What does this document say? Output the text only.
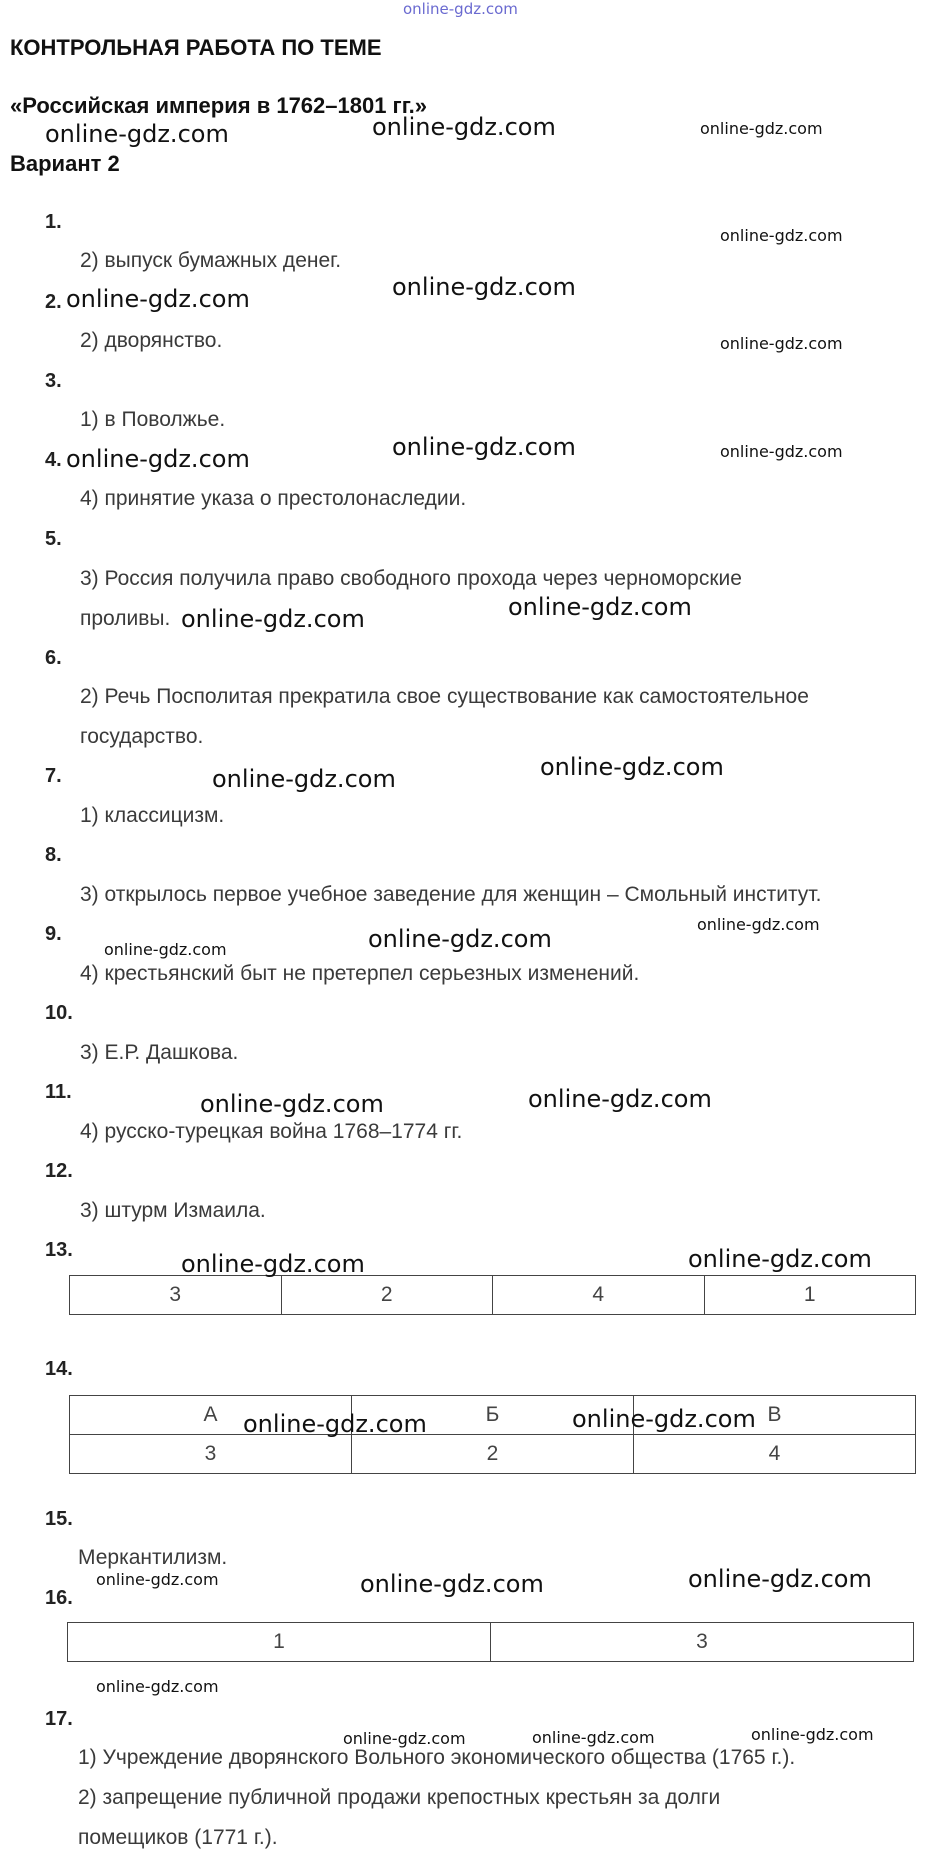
online-gdz.com
КОНТРОЛЬНАЯ РАБОТА ПО ТЕМЕ
«Российская империя в 1762–1801 гг.»
Вариант 2
1.
2) выпуск бумажных денег.
2.
2) дворянство.
3.
1) в Поволжье.
4.
4) принятие указа о престолонаследии.
5.
3) Россия получила право свободного прохода через черноморские
проливы.
6.
2) Речь Посполитая прекратила свое существование как самостоятельное
государство.
7.
1) классицизм.
8.
3) открылось первое учебное заведение для женщин – Смольный институт.
9.
4) крестьянский быт не претерпел серьезных изменений.
10.
3) Е.Р. Дашкова.
11.
4) русско-турецкая война 1768–1774 гг.
12.
3) штурм Измаила.
13.
3	2	4	1
14.
А	Б	В
3	2	4
15.
Меркантилизм.
16.
1	3
17.
1) Учреждение дворянского Вольного экономического общества (1765 г.).
2) запрещение публичной продажи крепостных крестьян за долги
помещиков (1771 г.).
online-gdz.com	online-gdz.com	online-gdz.com
online-gdz.com
online-gdz.com	online-gdz.com
online-gdz.com
online-gdz.com	online-gdz.com	online-gdz.com
online-gdz.com	online-gdz.com
online-gdz.com	online-gdz.com
online-gdz.com
online-gdz.com	online-gdz.com
online-gdz.com	online-gdz.com
online-gdz.com	online-gdz.com
online-gdz.com	online-gdz.com
online-gdz.com	online-gdz.com	online-gdz.com
online-gdz.com
online-gdz.com	online-gdz.com	online-gdz.com
